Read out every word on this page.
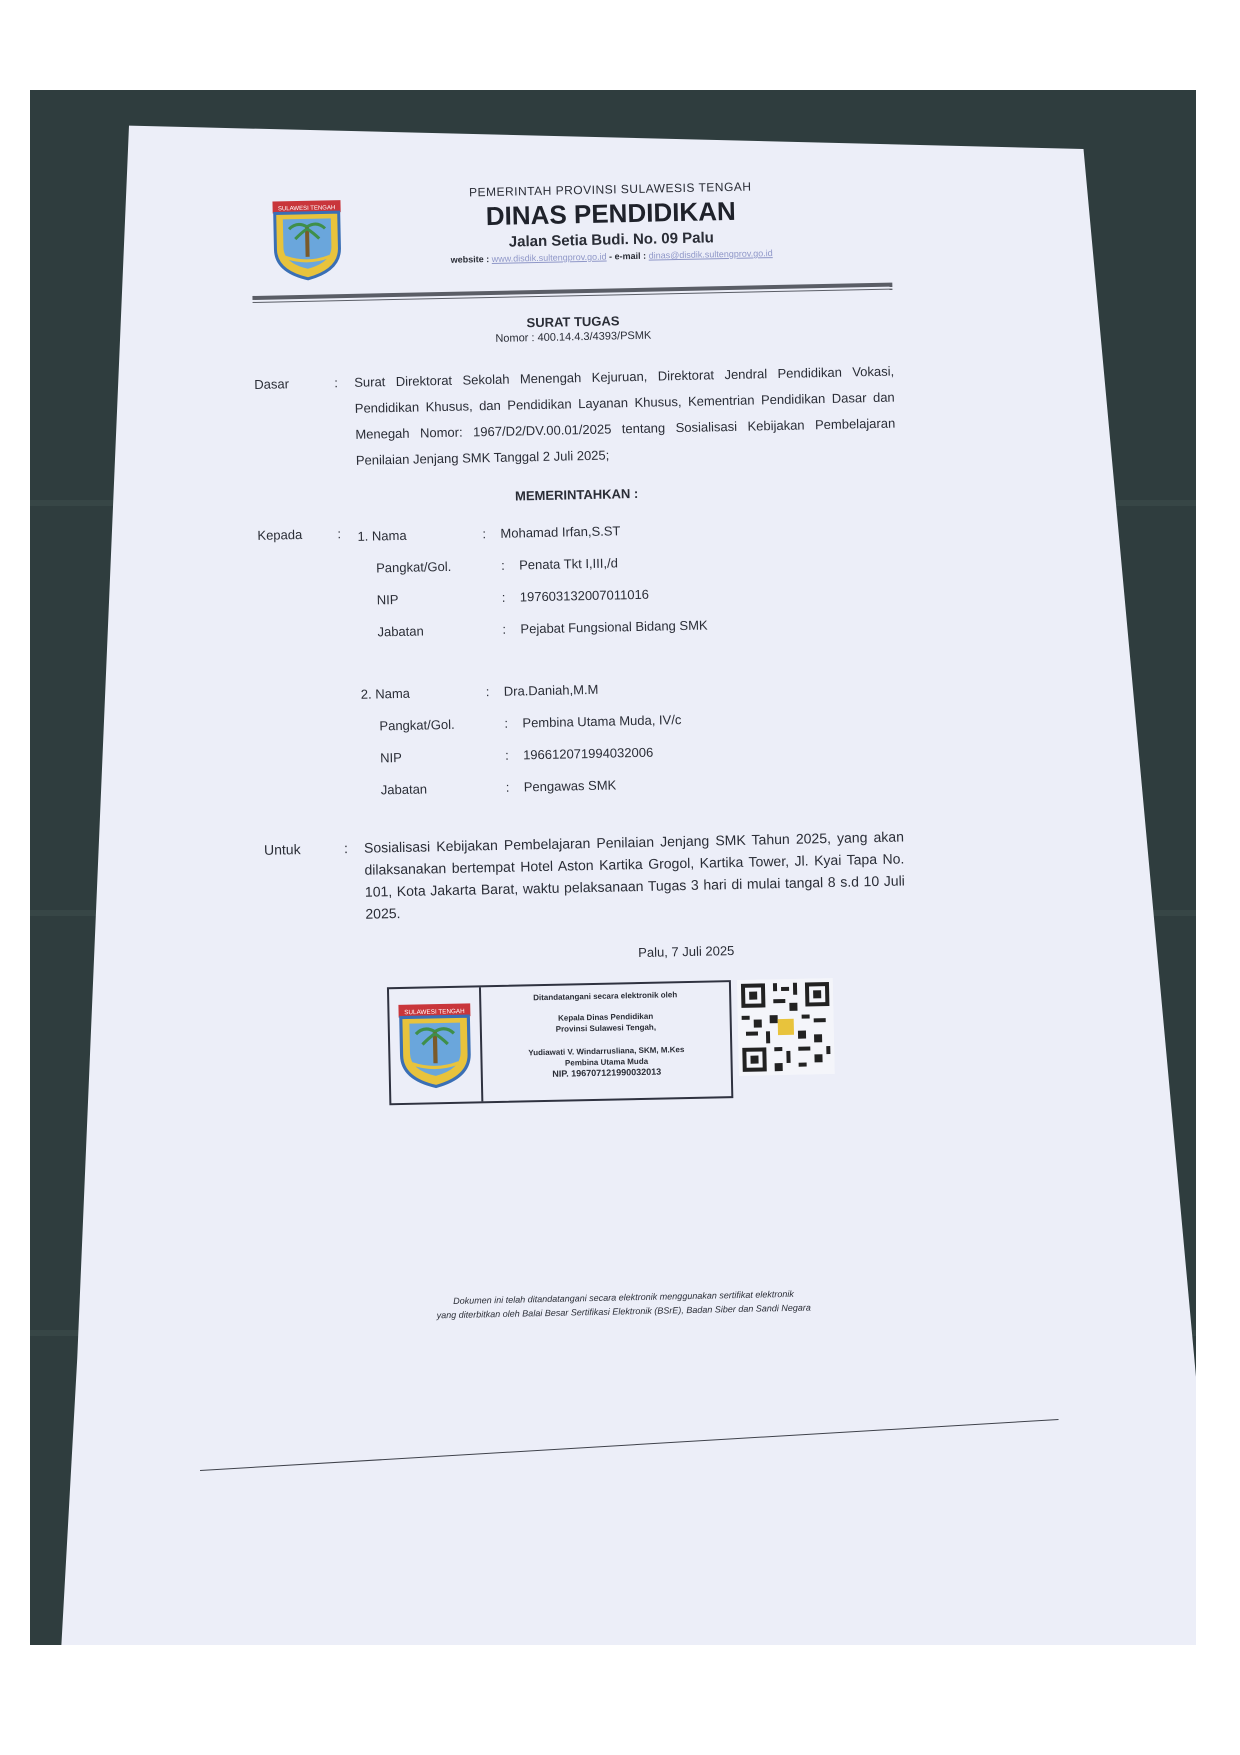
SULAWESI TENGAH
PEMERINTAH PROVINSI SULAWESIS TENGAH
DINAS PENDIDIKAN
Jalan Setia Budi. No. 09 Palu
website : www.disdik.sultengprov.go.id - e-mail : dinas@disdik.sultengprov.go.id
SURAT TUGAS
Nomor : 400.14.4.3/4393/PSMK
Dasar	:	Surat Direktorat Sekolah Menengah Kejuruan, Direktorat Jendral Pendidikan Vokasi, Pendidikan Khusus, dan Pendidikan Layanan Khusus, Kementrian Pendidikan Dasar dan Menegah Nomor: 1967/D2/DV.00.01/2025 tentang Sosialisasi Kebijakan Pembelajaran Penilaian Jenjang SMK Tanggal 2 Juli 2025;
MEMERINTAHKAN :
Kepada	:	1. Nama	:	Mohamad Irfan,S.ST
Pangkat/Gol.	:	Penata Tkt I,III,/d
NIP	:	197603132007011016
Jabatan	:	Pejabat Fungsional Bidang SMK
2. Nama	:	Dra.Daniah,M.M
Pangkat/Gol.	:	Pembina Utama Muda, IV/c
NIP	:	196612071994032006
Jabatan	:	Pengawas SMK
Untuk	:	Sosialisasi Kebijakan Pembelajaran Penilaian Jenjang SMK Tahun 2025, yang akan dilaksanakan bertempat Hotel Aston Kartika Grogol, Kartika Tower, Jl. Kyai Tapa No. 101, Kota Jakarta Barat, waktu pelaksanaan Tugas 3 hari di mulai tangal 8 s.d 10 Juli 2025.
Palu, 7 Juli 2025
SULAWESI TENGAH
Ditandatangani secara elektronik oleh
Kepala Dinas Pendidikan
Provinsi Sulawesi Tengah,
Yudiawati V. Windarrusliana, SKM, M.Kes
Pembina Utama Muda
NIP. 196707121990032013
Dokumen ini telah ditandatangani secara elektronik menggunakan sertifikat elektronik
yang diterbitkan oleh Balai Besar Sertifikasi Elektronik (BSrE), Badan Siber dan Sandi Negara
